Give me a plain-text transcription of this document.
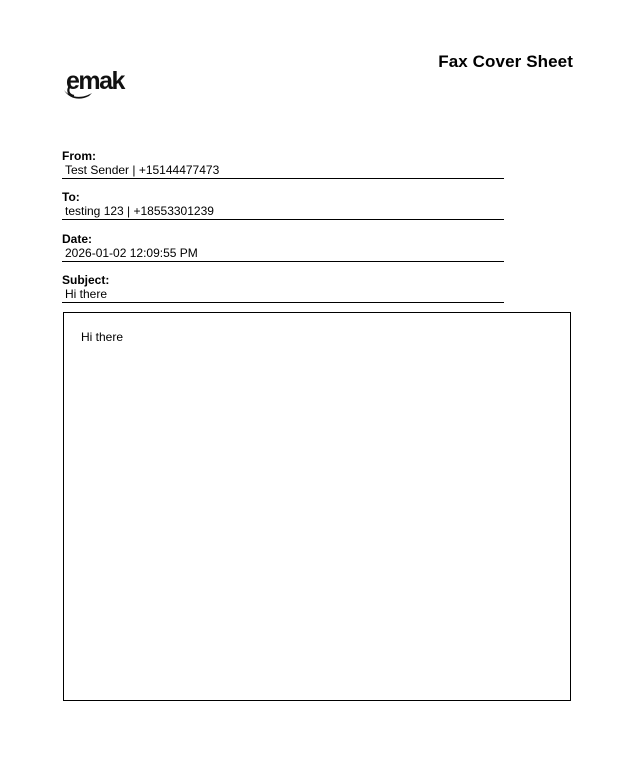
Fax Cover Sheet
emak
From:
Test Sender | +15144477473
To:
testing 123 | +18553301239
Date:
2026-01-02 12:09:55 PM
Subject:
Hi there
Hi there
